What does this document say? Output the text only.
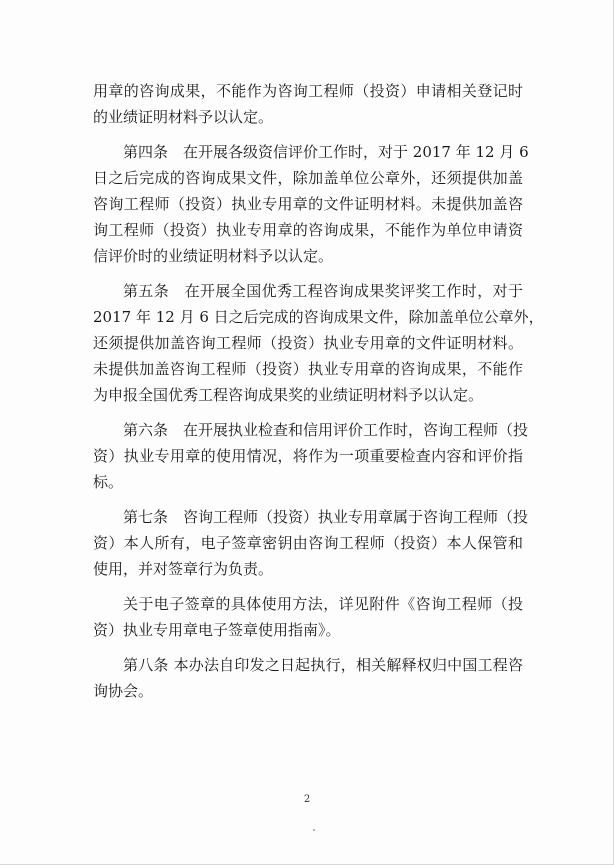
用章的咨询成果，不能作为咨询工程师（投资）申请相关登记时
的业绩证明材料予以认定。

第四条　在开展各级资信评价工作时，对于 2017 年 12 月 6
日之后完成的咨询成果文件，除加盖单位公章外，还须提供加盖
咨询工程师（投资）执业专用章的文件证明材料。未提供加盖咨
询工程师（投资）执业专用章的咨询成果，不能作为单位申请资
信评价时的业绩证明材料予以认定。

第五条　在开展全国优秀工程咨询成果奖评奖工作时，对于
2017 年 12 月 6 日之后完成的咨询成果文件，除加盖单位公章外，
还须提供加盖咨询工程师（投资）执业专用章的文件证明材料。
未提供加盖咨询工程师（投资）执业专用章的咨询成果，不能作
为申报全国优秀工程咨询成果奖的业绩证明材料予以认定。

第六条　在开展执业检查和信用评价工作时，咨询工程师（投
资）执业专用章的使用情况，将作为一项重要检查内容和评价指
标。

第七条　咨询工程师（投资）执业专用章属于咨询工程师（投
资）本人所有，电子签章密钥由咨询工程师（投资）本人保管和
使用，并对签章行为负责。

关于电子签章的具体使用方法，详见附件《咨询工程师（投
资）执业专用章电子签章使用指南》。

第八条 本办法自印发之日起执行，相关解释权归中国工程咨
询协会。

2
